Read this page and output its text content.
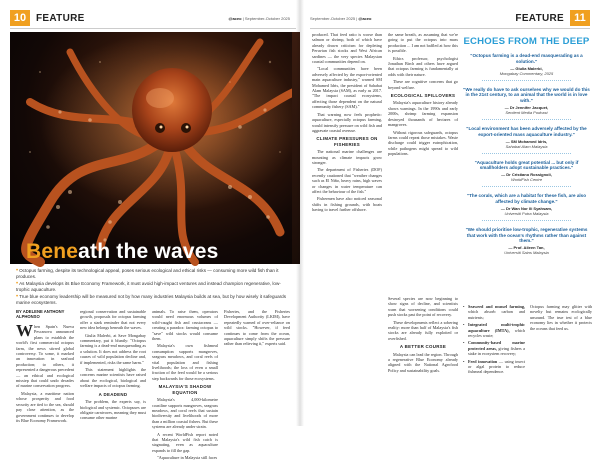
10 FEATURE	@aceo | September-October 2025
Beneath the waves

•Octopus farming, despite its technological appeal, poses serious ecological and ethical risks — consuming more wild fish than it produces.

•As Malaysia develops its Blue Economy Framework, it must avoid high-impact ventures and instead champion regenerative, low-trophic aquaculture.

•True blue economy leadership will be measured not by how many industries Malaysia builds at sea, but by how wisely it safeguards marine ecosystems.

BY ADELENE ANTHONY ALPHONSO

When Spain's Nueva Pescanova announced plans to establish the world's first commercial octopus farm, the news stirred global controversy. To some, it marked an innovation in seafood production; to others, it represented a dangerous precedent — an ethical and ecological misstep that could undo decades of marine conservation progress.

Malaysia, a maritime nation whose prosperity and food security are tied to the sea, should pay close attention, as the government continues to develop its Blue Economy Framework.

regional conservation and sustainable growth, proposals for octopus farming offer a stark reminder that not every new idea belongs beneath the waves.

Giulia Malerbi, at Save Mongabay commentary, put it bluntly: "Octopus farming is a dead-end masquerading as a solution. It does not address the root causes of wild population decline and, if implemented, risks the same harm."

This statement highlights the concerns marine scientists have raised about the ecological, biological and welfare impacts of octopus farming.

A DEADEND

The problem, the experts say, is biological and systemic. Octopuses are obligate carnivores, meaning they must consume other marine

animals. To raise them, operators would need enormous volumes of wild-caught fish and crustaceans — creating a paradox: farming octopus to "save" wild stocks would consume them.

Malaysia's own fishmeal consumption supports mangroves, seagrass meadows, and coral reefs of vital population and fishing livelihoods; the loss of even a small fraction of the feed would be a serious step backwards for those ecosystems.

MALAYSIA'S SHADOW EQUATION

Malaysia's 4,000-kilometre coastline supports mangroves, seagrass meadows, and coral reefs that sustain biodiversity and livelihoods of more than a million coastal fishers. But these systems are already under strain.

A recent WorldFish report noted that Malaysia's wild fish catch is stagnating, even as aquaculture expands to fill the gap.

"Aquaculture in Malaysia still faces

Fisheries, and the Fisheries Development Authority (LKIM), have repeatedly warned of over-reliance on wild stocks. "However, if feed continues to come from the ocean, aquaculture simply shifts the pressure rather than relieving it," experts said.

September-October 2025 | @aceo	FEATURE 11

produced. That feed ratio is worse than salmon or shrimp, both of which have already drawn criticism for depleting Peruvian fish stocks and West African sardines — the very species Malaysian coastal communities depend on.

"Local communities have been adversely affected by the export-oriented main aquaculture industry," warned SM Mohamed Idris, the president of Sahabat Alam Malaysia (SAM), as early as 2017. "The impact coastal ecosystems, affecting those dependent on the natural community fishery (SAM)."

That warning now feels prophetic: aquaculture, especially octopus farming, would intensify pressure on wild fish and aggravate coastal overuse.

CLIMATE PRESSURES ON FISHERIES

The national marine challenges are mounting as climate impacts grow stronger.

The department of Fisheries (DOF) recently cautioned that "weather changes such as El Niño, heavy rains, high waves or changes in water temperature can affect the behaviour of the fish."

Fishermen have also noticed seasonal shifts in fishing grounds, with boats having to travel further offshore.

the same breath, as assuming that we're going to put the octopus into mass production ... I am not baffled at how this is possible.

Ethics professor, psychologist Jonathan Birch and others have argued that octopus farming is fundamentally at odds with their nature.

These are cognitive concerns that go beyond welfare.

ECOLOGICAL SPILLOVERS

Malaysia's aquaculture history already shows warnings. In the 1990s and early 2000s, shrimp farming expansion destroyed thousands of hectares of mangroves.

Without rigorous safeguards, octopus farms could repeat those mistakes. Waste discharge could trigger eutrophication, while pathogens might spread to wild populations.

ECHOES FROM THE DEEP
"Octopus farming is a dead-end masquerading as a solution."
— Giulia Malerbi,
Mongabay Commentary, 2025
"We really do have to ask ourselves why we would do this in the 21st century, to an animal that the world is in love with."
— Dr Jennifer Jacquet,
Sentient Media Podcast
"Local environment has been adversely affected by the export-oriented mass aquaculture industry."
— SM Mohamed Idris,
Sahabat Alam Malaysia
"Aquaculture holds great potential ... but only if smallholders adopt sustainable practices."
— Dr Cristiano Rossignoli,
WorldFish Centre
"The corals, which are a habitat for these fish, are also affected by climate change."
— Dr Wan Nor Ili Syahsam,
Universiti Putra Malaysia
"We should prioritise low-trophic, regenerative systems that work with the ocean's rhythms rather than against them."
— Prof. Aileen Tan,
Universiti Sains Malaysia

Several species are now beginning to show signs of decline, and scientists warn that worsening conditions could push stocks past the point of recovery.

These developments reflect a sobering reality: more than half of Malaysia's fish stocks are already fully exploited or overfished.

A BETTER COURSE

Malaysia can lead the region. Through a regenerative Blue Economy already aligned with the National Agrofood Policy and sustainability goals.

• Seaweed and mussel farming, which absorb carbon and nutrients;
• Integrated multi-trophic aquaculture (IMTA), which recycles waste;
• Community-based marine protected areas, giving fishers a stake in ecosystem recovery;
• Feed innovation — using insect or algal protein to reduce fishmeal dependence.

Octopus farming may glitter with novelty but remains ecologically unsound. The true test of a blue economy lies in whether it protects the oceans that feed us.
